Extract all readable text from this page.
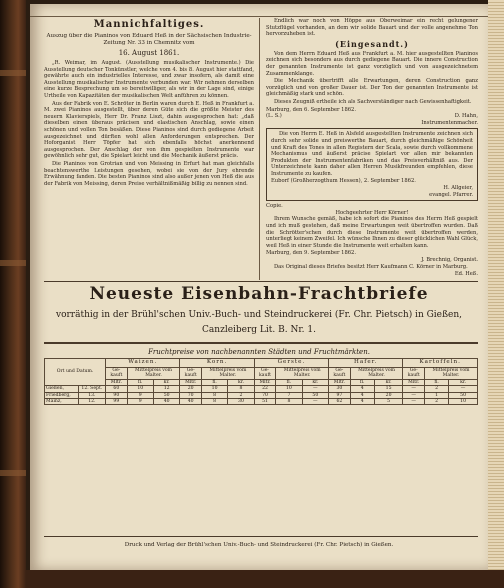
Mannichfaltiges.
Auszug über die Pianinos von Eduard Heß in der Sächsischen Industrie-Zeitung Nr. 33 in Chemnitz vom
16. August 1861.

„R. Weimar, im August. (Ausstellung musikalischer Instrumente.) Die Ausstellung deutscher Tonkünstler, welche vom 4. bis 8. August hier stattfand, gewährte auch ein industrielles Interesse, und zwar insofern, als damit eine Ausstellung musikalischer Instrumente verbunden war. Wir nehmen derselben eine kurze Besprechung um so bereitwilliger, als wir in der Lage sind, einige Urtheile von Kapazitäten der musikalischen Welt anführen zu können.

Aus der Fabrik von E. Schröter in Berlin waren durch E. Heß in Frankfurt a. M. zwei Pianinos ausgestellt, über deren Güte sich die größte Meister des neuern Klavierspiels, Herr Dr. Franz Liszt, dahin ausgesprochen hat: „daß dieselben einen überaus präcisen und elastischen Anschlag, sowie einen schönen und vollen Ton besäßen. Diese Pianinos sind durch gediegene Arbeit ausgezeichnet und dürften wohl allen Anforderungen entsprechen. Der Hoforganist Herr Töpfer hat sich ebenfalls höchst anerkennend ausgesprochen. Der Anschlag der von ihm gespielten Instrumente war gewöhnlich sehr gut, die Spielart leicht und die Mechanik äußerst präcis.

Die Pianinos von Grotrian und von Meissing in Erfurt hat man gleichfalls beachtenswerthe Leistungen gesehen, wobei sie von der Jury ehrende Erwähnung fanden. Die besten Pianinos sind also außer jenen von Heß die aus der Fabrik von Meissing, deren Preise verhältnißmäßig billig zu nennen sind.

Endlich war noch von Höppe aus Oberweimar ein recht gelungener Stutzflügel vorhanden, an dem wir solide Bauart und der volle angenehme Ton hervorzuheben ist.

(Eingesandt.)

Von dem Herrn Eduard Heß aus Frankfurt a. M. hier ausgestellten Pianinos zeichnen sich besonders aus durch gediegene Bauart. Die innere Construction der genannten Instrumente ist ganz vorzüglich und von ausgezeichnetem Zusammenklange.

Die Mechanik übertrifft alle Erwartungen, deren Construction ganz vorzüglich und von großer Dauer ist. Der Ton der genannten Instrumente ist gleichmäßig stark und schön.

Dieses Zeugniß ertheile ich als Sachverständiger nach Gewissenhaftigkeit.

Marburg, den 6. September 1862.
(L. S.)	D. Hahn,
Instrumentenmacher.

Die von Herrn E. Heß in Alsfeld ausgestellten Instrumente zeichnen sich durch sehr solide und preiswerthe Bauart, durch gleichmäßige Schönheit und Kraft des Tones in allen Registern der Scala, sowie durch vollkommene Mechanismus und äußerst präcise Spielart vor allen mir bekannten Produkten der Instrumentenfabriken und das Preisverhältniß aus. Der Unterzeichnete kann daher allen Herren Musikfreunden empfehlen, diese Instrumente zu kaufen.

Euborf (Großherzogthum Hessen), 2. September 1862.
H. Allgeier,
evangel. Pfarrer.
Copie.
Hochgeehrter Herr Körner!

Ihrem Wunsche gemäß, habe ich sofort die Pianinos des Herrn Heß gespielt und ich muß gestehen, daß meine Erwartungen weit übertroffen wurden. Daß die Schrötter'schen durch diese Instrumente weit übertroffen werden, unterliegt keinem Zweifel. Ich wünsche Ihnen zu dieser glücklichen Wahl Glück, weil Heß in einer Stunde die Instrumente weit erhalten kann.

Marburg, den 9. September 1862.
J. Brechnig, Organist.

Das Original dieses Briefes besitzt Herr Kaufmann C. Körner in Marburg.

Ed. Heß.
Neueste Eisenbahn-Frachtbriefe
vorräthig in der Brühl'schen Univ.-Buch- und Steindruckerei (Fr. Chr. Pietsch) in Gießen,
Canzleiberg Lit. B. Nr. 1.
Fruchtpreise von nachbenannten Städten und Fruchtmärkten.
Ort und Datum.		Waizen.			Korn.			Gerste.			Hafer.			Kartoffeln.		
		Ge-kauft	Mittelpreis vom Malter.		Ge-kauft	Mittelpreis vom Malter.		Ge-kauft	Mittelpreis vom Malter.		Ge-kauft	Mittelpreis vom Malter.		Ge-kauft	Mittelpreis vom Malter.	
		Mltr.	fl.	kr.	Mltr.	fl.	kr.	Mltr.	fl.	kr.	Mltr.	fl.	kr.	Mltr.	fl.	kr.
Gießen,	12. Sept.	60	10	12	20	10	8	22	10	—	30	4	15	—	2	—
Friedberg,	13.	90	9	50	70	8	2	70	7	50	97	4	20	—	1	50
Mainz,	12.	99	9	40	40	8	30	51	8	—	62	4	5	—	2	10
Druck und Verlag der Brühl'schen Univ.-Buch- und Steindruckerei (Fr. Chr. Pietsch) in Gießen.
